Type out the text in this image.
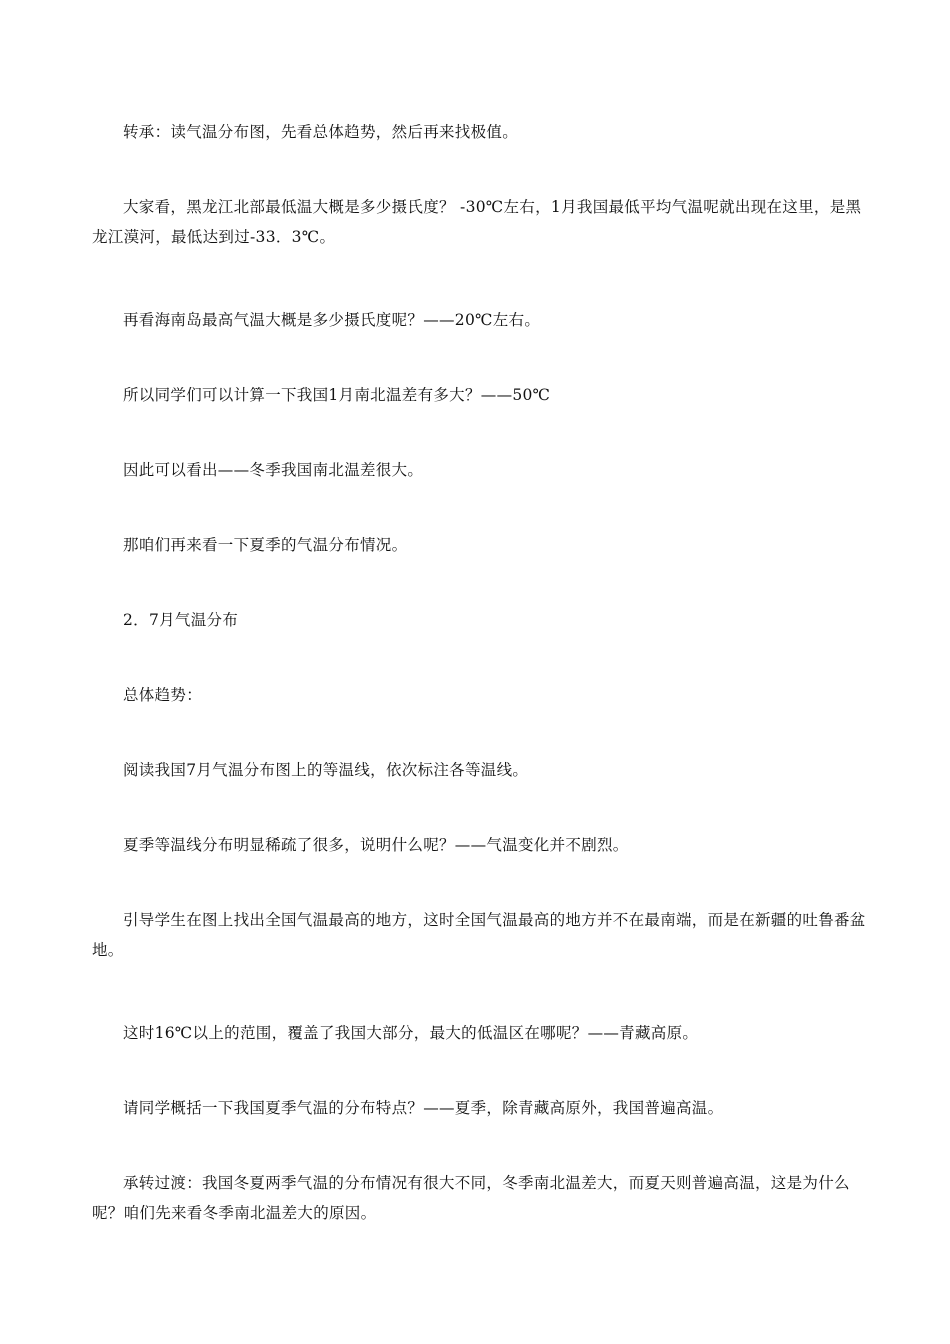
转承：读气温分布图，先看总体趋势，然后再来找极值。

大家看，黑龙江北部最低温大概是多少摄氏度？ -30℃左右，1月我国最低平均气温呢就出现在这里，是黑龙江漠河，最低达到过-33．3℃。

再看海南岛最高气温大概是多少摄氏度呢？——20℃左右。

所以同学们可以计算一下我国1月南北温差有多大？——50℃

因此可以看出——冬季我国南北温差很大。

那咱们再来看一下夏季的气温分布情况。

2．7月气温分布

总体趋势：

阅读我国7月气温分布图上的等温线，依次标注各等温线。

夏季等温线分布明显稀疏了很多，说明什么呢？——气温变化并不剧烈。

引导学生在图上找出全国气温最高的地方，这时全国气温最高的地方并不在最南端，而是在新疆的吐鲁番盆地。

这时16℃以上的范围，覆盖了我国大部分，最大的低温区在哪呢？——青藏高原。

请同学概括一下我国夏季气温的分布特点？——夏季，除青藏高原外，我国普遍高温。

承转过渡：我国冬夏两季气温的分布情况有很大不同，冬季南北温差大，而夏天则普遍高温，这是为什么呢？咱们先来看冬季南北温差大的原因。
